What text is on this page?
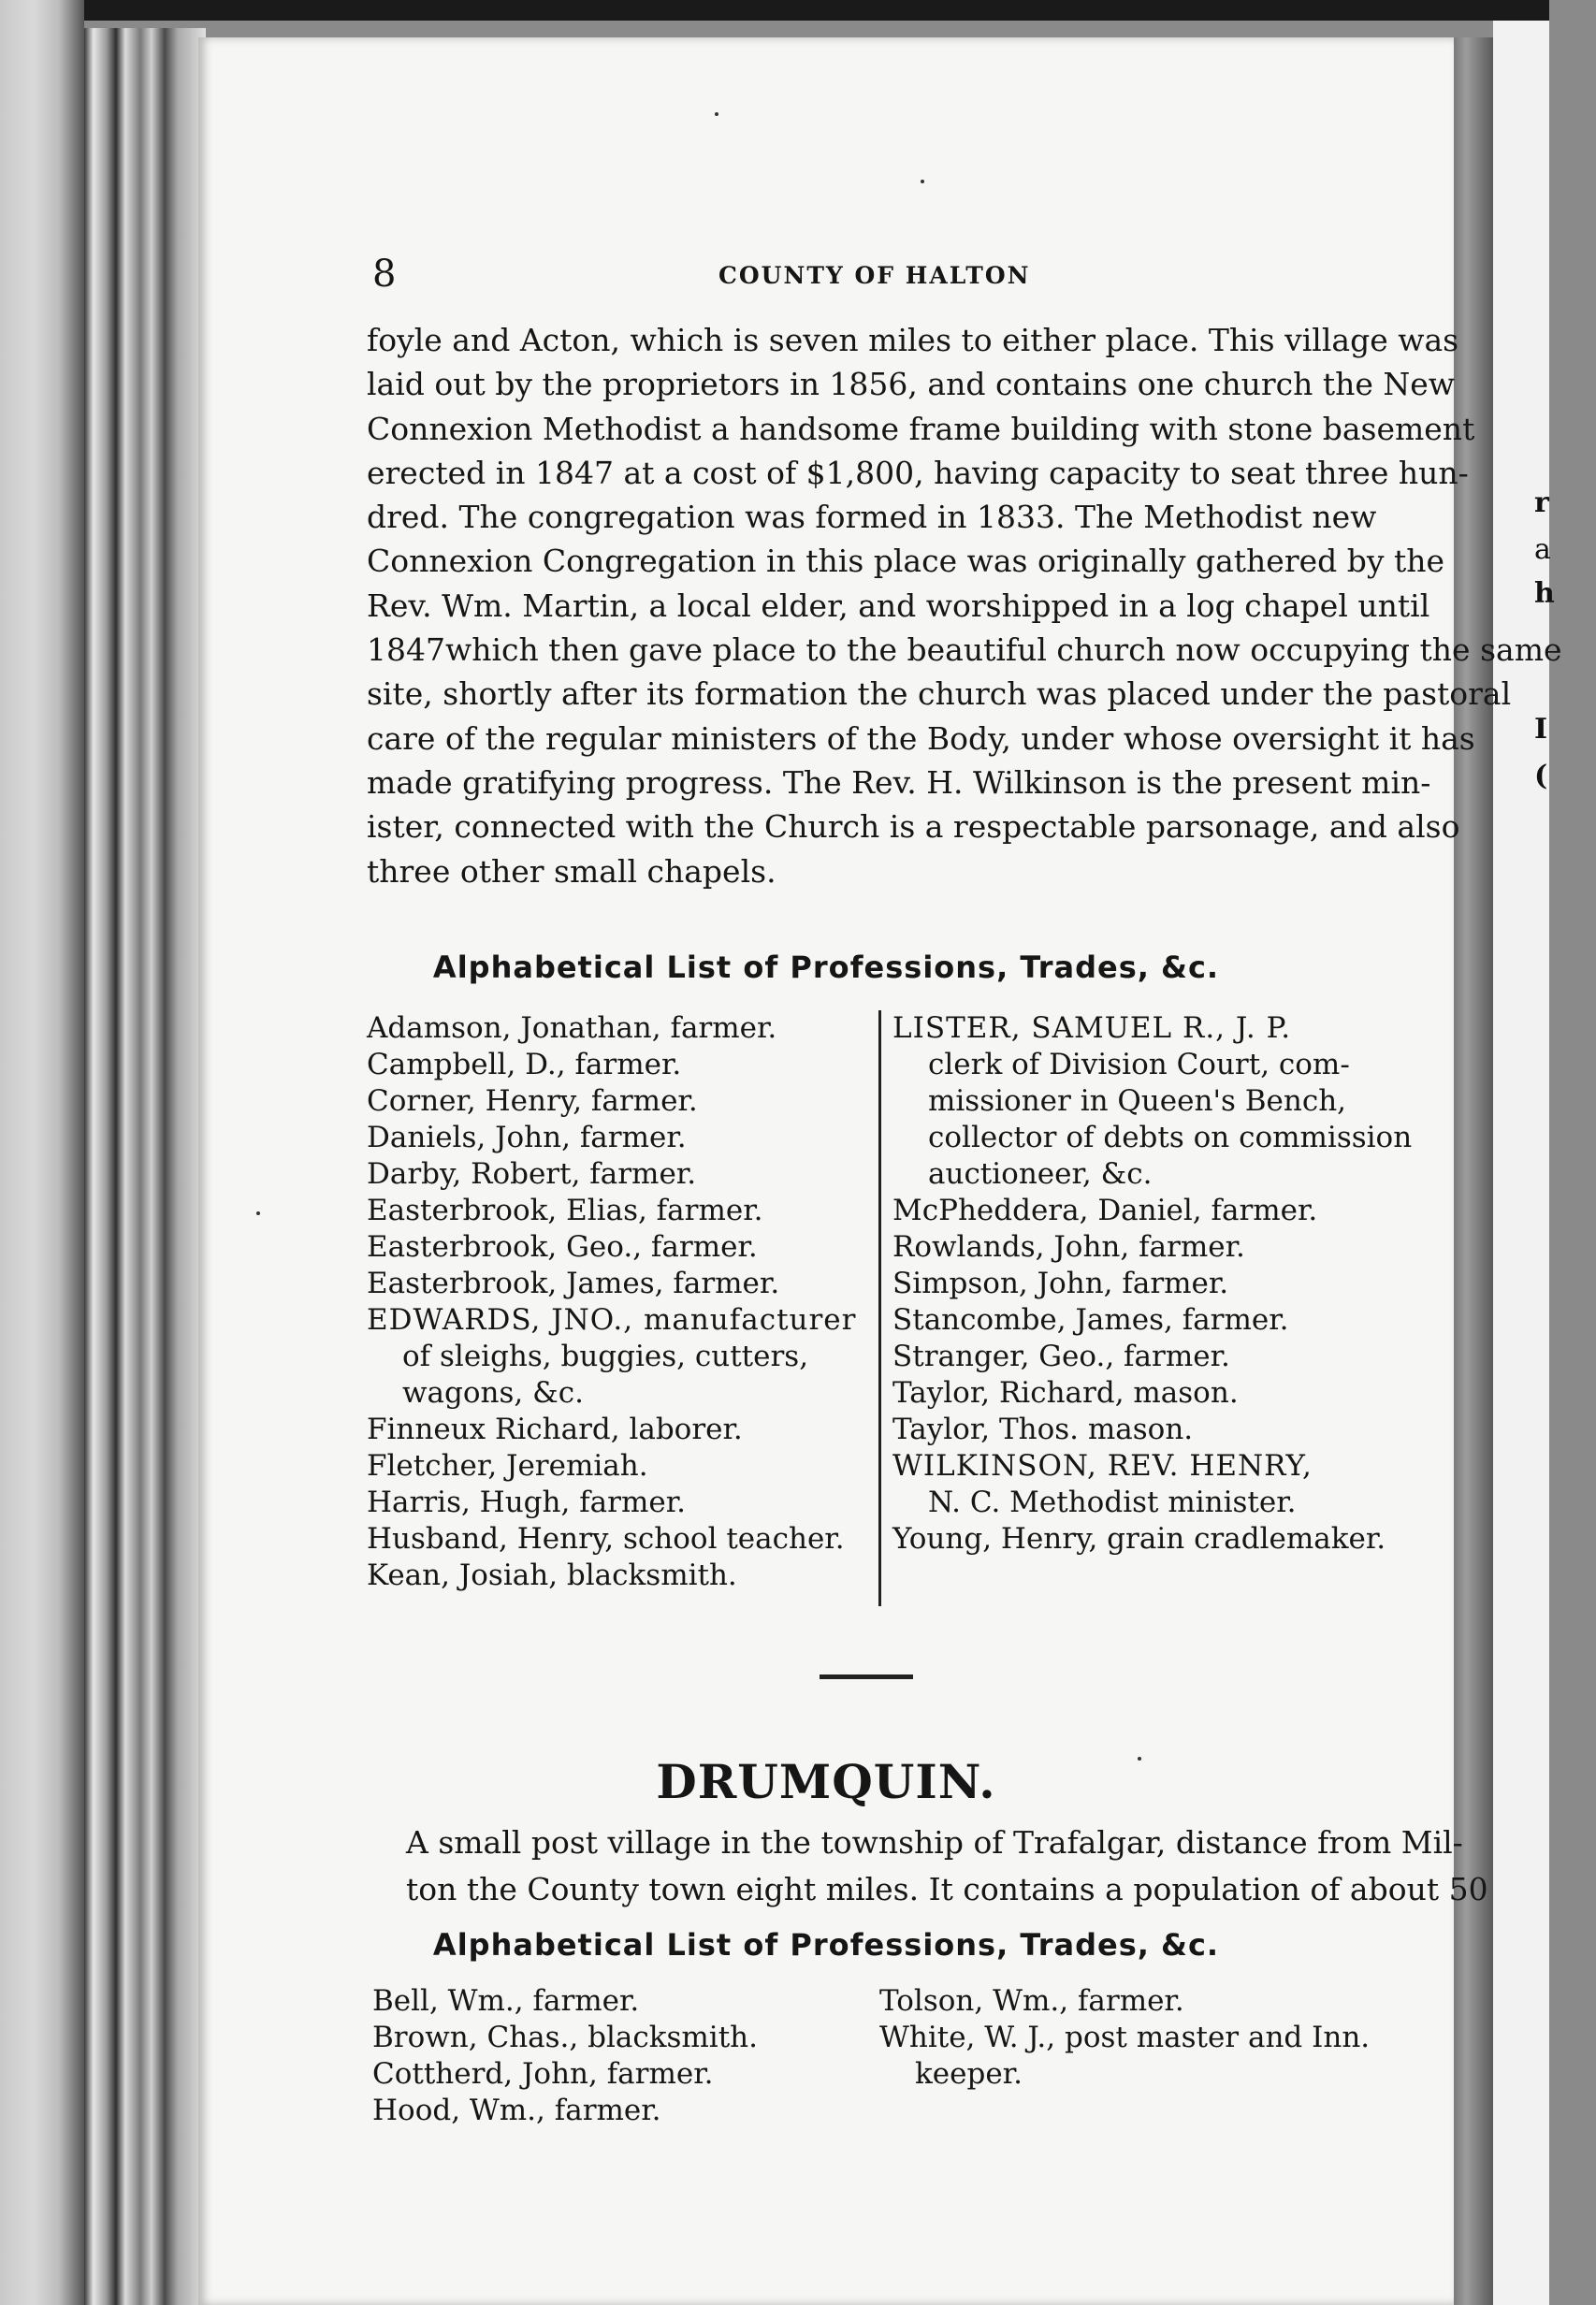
r
a
h
I
(
8	COUNTY OF HALTON

foyle and Acton, which is seven miles to either place. This village was

laid out by the proprietors in 1856, and contains one church the New

Connexion Methodist a handsome frame building with stone basement

erected in 1847 at a cost of $1,800, having capacity to seat three hun-

dred. The congregation was formed in 1833. The Methodist new

Connexion Congregation in this place was originally gathered by the

Rev. Wm. Martin, a local elder, and worshipped in a log chapel until

1847which then gave place to the beautiful church now occupying the same

site, shortly after its formation the church was placed under the pastoral

care of the regular ministers of the Body, under whose oversight it has

made gratifying progress. The Rev. H. Wilkinson is the present min-

ister, connected with the Church is a respectable parsonage, and also

three other small chapels.

Alphabetical List of Professions, Trades, &c.
Adamson, Jonathan, farmer.
Campbell, D., farmer.
Corner, Henry, farmer.
Daniels, John, farmer.
Darby, Robert, farmer.
Easterbrook, Elias, farmer.
Easterbrook, Geo., farmer.
Easterbrook, James, farmer.
EDWARDS, JNO., manufacturer
of sleighs, buggies, cutters,
wagons, &c.
Finneux Richard, laborer.
Fletcher, Jeremiah.
Harris, Hugh, farmer.
Husband, Henry, school teacher.
Kean, Josiah, blacksmith.
LISTER, SAMUEL R., J. P.
clerk of Division Court, com-
missioner in Queen's Bench,
collector of debts on commission
auctioneer, &c.
McPheddera, Daniel, farmer.
Rowlands, John, farmer.
Simpson, John, farmer.
Stancombe, James, farmer.
Stranger, Geo., farmer.
Taylor, Richard, mason.
Taylor, Thos. mason.
WILKINSON, REV. HENRY,
N. C. Methodist minister.
Young, Henry, grain cradlemaker.
DRUMQUIN.

A small post village in the township of Trafalgar, distance from Mil-

ton the County town eight miles. It contains a population of about 50

Alphabetical List of Professions, Trades, &c.
Bell, Wm., farmer.
Brown, Chas., blacksmith.
Cottherd, John, farmer.
Hood, Wm., farmer.
Tolson, Wm., farmer.
White, W. J., post master and Inn.
keeper.
